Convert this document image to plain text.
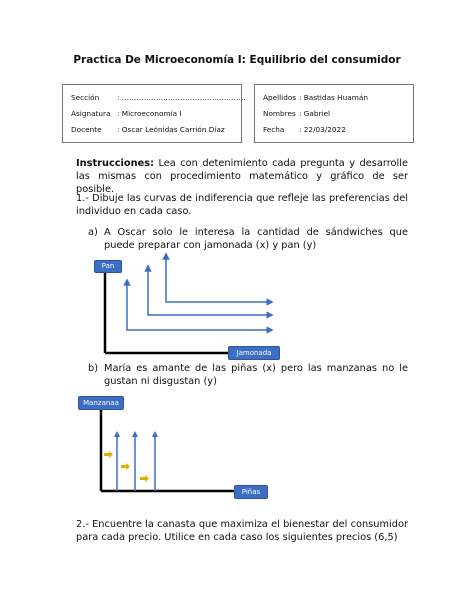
Practica De Microeconomía I: Equilibrio del consumidor
Sección : ……………………………………………
Asignatura : Microeconomía I
Docente : Oscar Leónidas Carrión Díaz
Apellidos : Bastidas Huamán
Nombres : Gabriel
Fecha : 22/03/2022
Instrucciones: Lea con detenimiento cada pregunta y desarrolle las mismas con procedimiento matemático y gráfico de ser posible.
1.- Dibuje las curvas de indiferencia que refleje las preferencias del individuo en cada caso.
a) A Oscar solo le interesa la cantidad de sándwiches que puede preparar con jamonada (x) y pan (y)
b) María es amante de las piñas (x) pero las manzanas no le gustan ni disgustan (y)
2.- Encuentre la canasta que maximiza el bienestar del consumidor para cada precio. Utilice en cada caso los siguientes precios (6,5)
Pan
Jamonada
Manzanaa
Piñas
